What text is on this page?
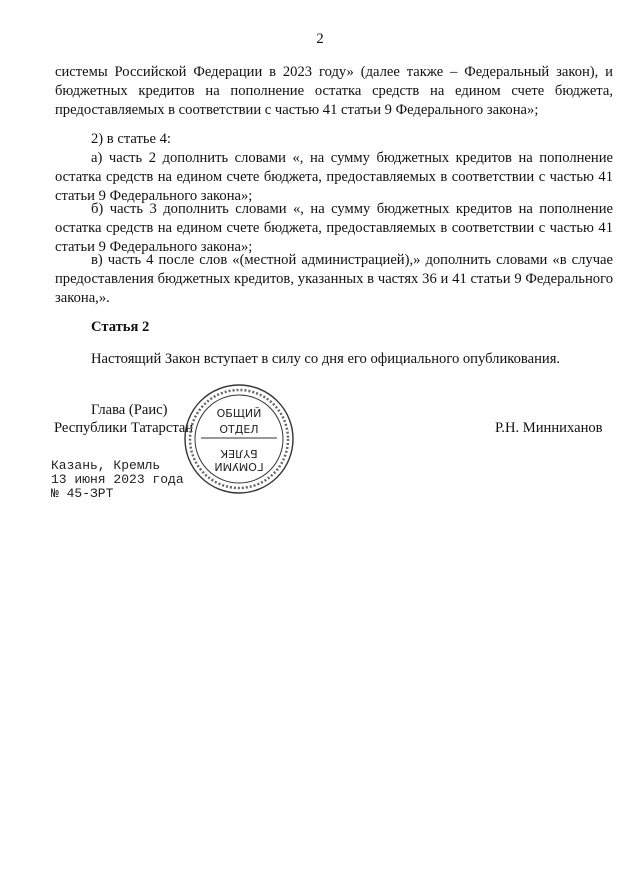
2

системы Российской Федерации в 2023 году» (далее также – Федеральный закон), и бюджетных кредитов на пополнение остатка средств на едином счете бюджета, предоставляемых в соответствии с частью 41 статьи 9 Федерального закона»;

2) в статье 4:

а) часть 2 дополнить словами «, на сумму бюджетных кредитов на пополнение остатка средств на едином счете бюджета, предоставляемых в соответствии с частью 41 статьи 9 Федерального закона»;

б) часть 3 дополнить словами «, на сумму бюджетных кредитов на пополнение остатка средств на едином счете бюджета, предоставляемых в соответствии с частью 41 статьи 9 Федерального закона»;

в) часть 4 после слов «(местной администрацией),» дополнить словами «в случае предоставления бюджетных кредитов, указанных в частях 36 и 41 статьи 9 Федерального закона,».

Статья 2

Настоящий Закон вступает в силу со дня его официального опубликования.

Глава (Раис)
Республики Татарстан	Р.Н. Минниханов
ОБЩИЙ
ОТДЕЛ
БҮЛЕК
ГОМУМИ
Казань, Кремль
13 июня 2023 года
№ 45-ЗРТ
